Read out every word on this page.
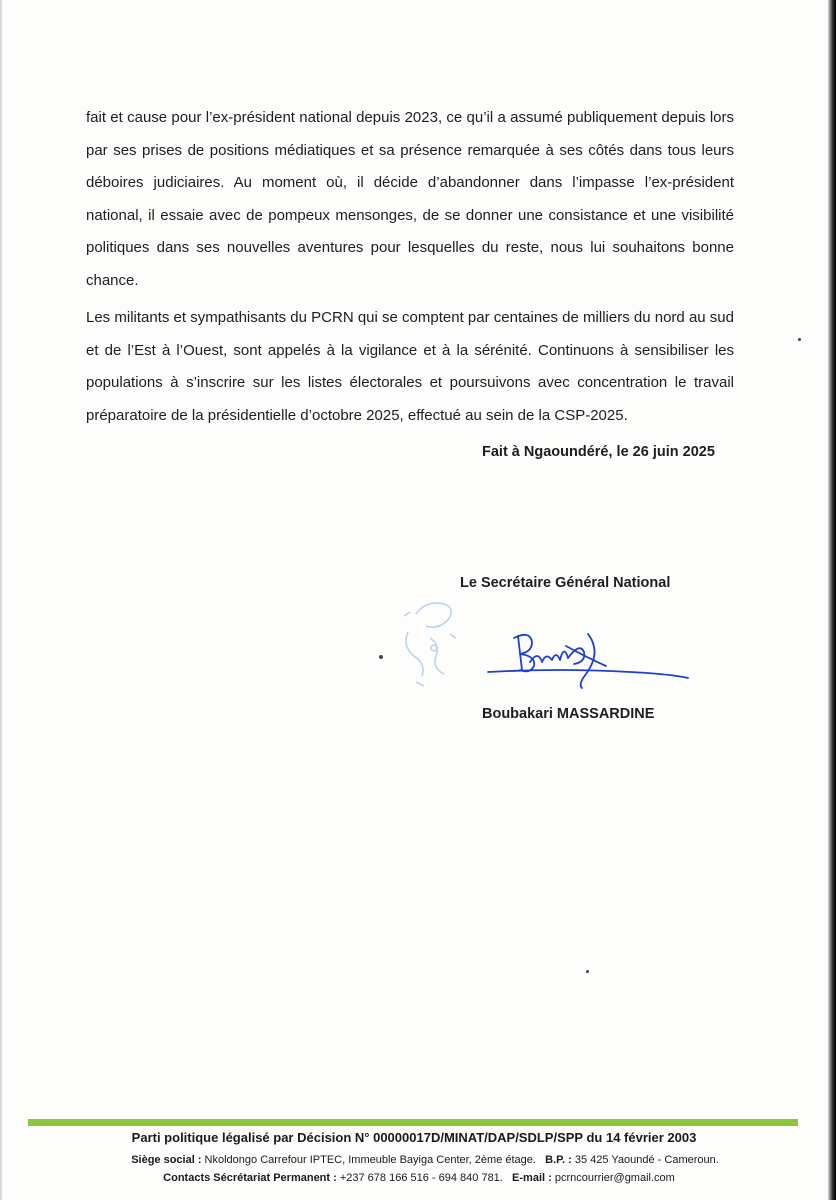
fait et cause pour l’ex-président national depuis 2023, ce qu’il a assumé publiquement depuis lors par ses prises de positions médiatiques et sa présence remarquée à ses côtés dans tous leurs déboires judiciaires. Au moment où, il décide d’abandonner dans l’impasse l’ex-président national, il essaie avec de pompeux mensonges, de se donner une consistance et une visibilité politiques dans ses nouvelles aventures pour lesquelles du reste, nous lui souhaitons bonne chance.
Les militants et sympathisants du PCRN qui se comptent par centaines de milliers du nord au sud et de l’Est à l’Ouest, sont appelés à la vigilance et à la sérénité. Continuons à sensibiliser les populations à s’inscrire sur les listes électorales et poursuivons avec concentration le travail préparatoire de la présidentielle d’octobre 2025, effectué au sein de la CSP-2025.
Fait à Ngaoundéré, le 26 juin 2025
Le Secrétaire Général National
Boubakari MASSARDINE
Parti politique légalisé par Décision N° 00000017D/MINAT/DAP/SDLP/SPP du 14 février 2003
Siège social : Nkoldongo Carrefour IPTEC, Immeuble Bayiga Center, 2ème étage. B.P. : 35 425 Yaoundé - Cameroun.
Contacts Sécrétariat Permanent : +237 678 166 516 - 694 840 781. E-mail : pcrncourrier@gmail.com
